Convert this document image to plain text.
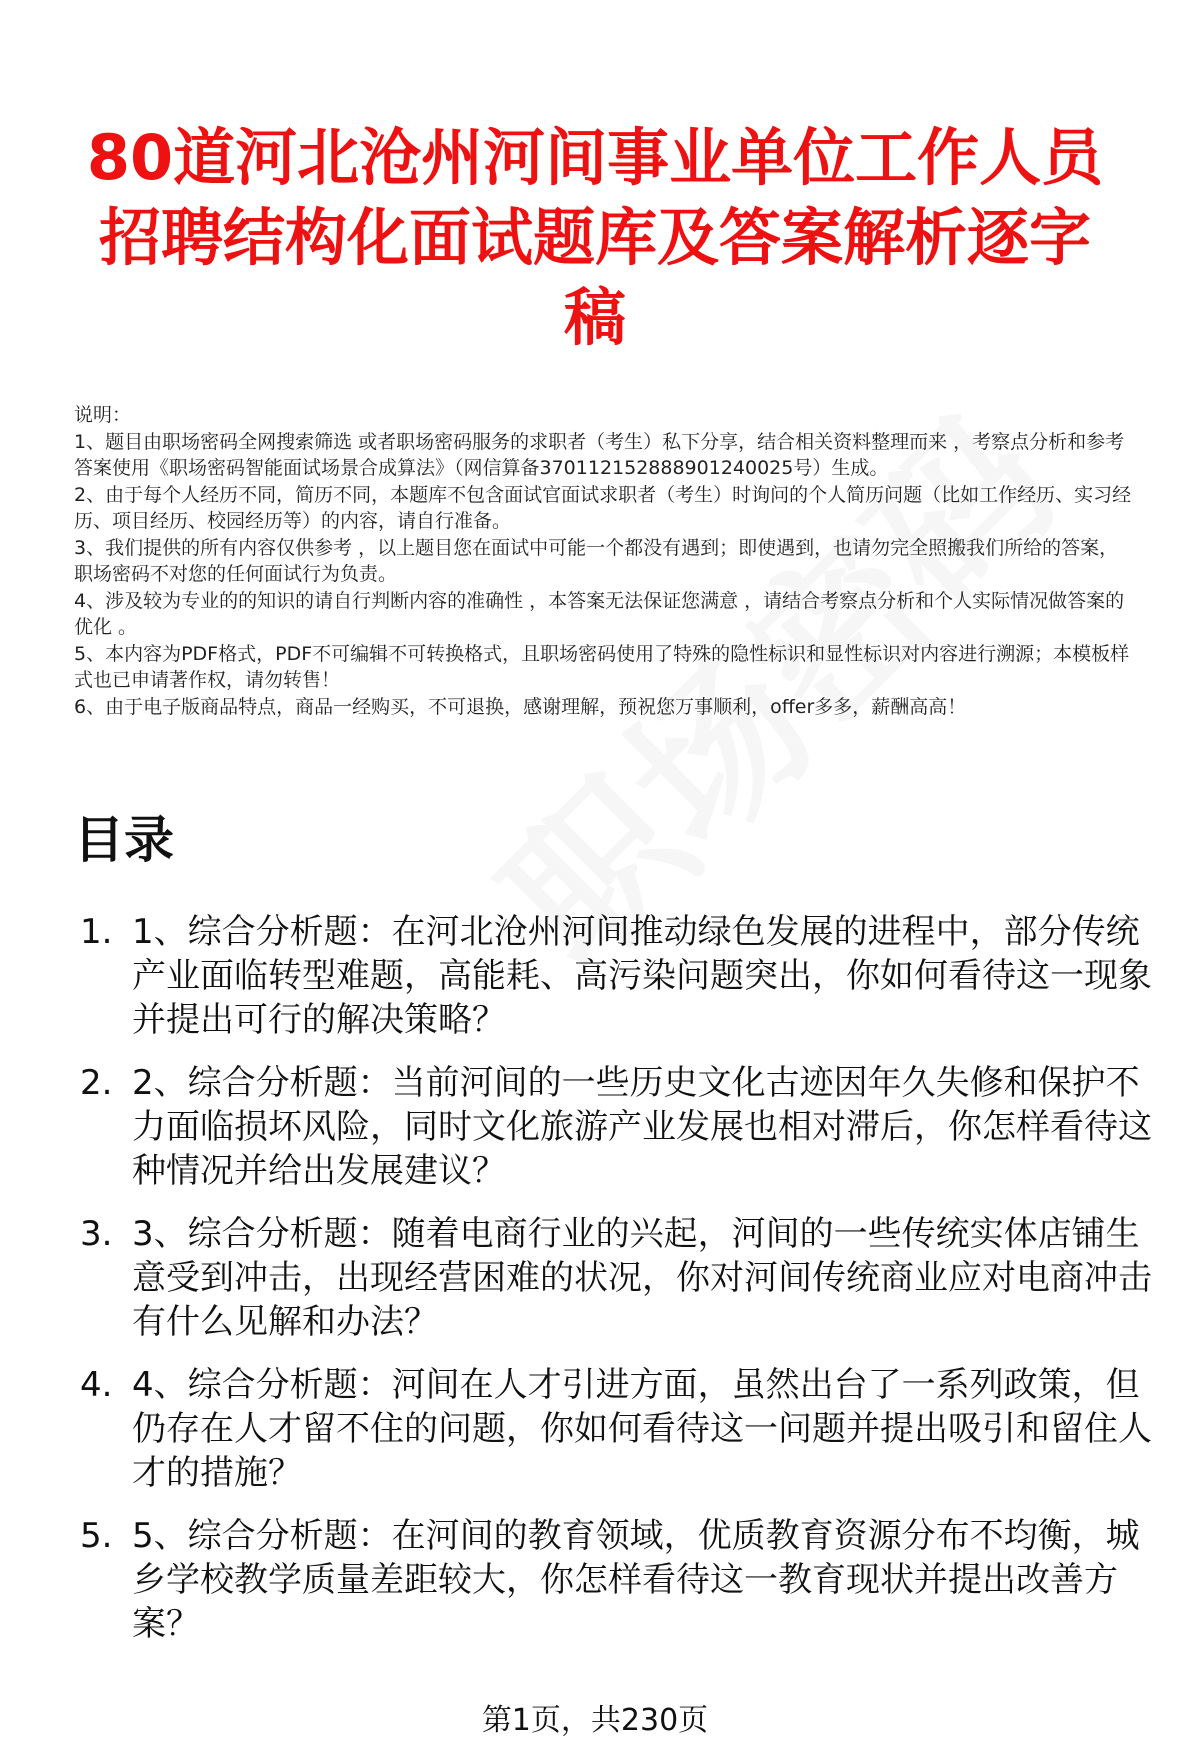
80道河北沧州河间事业单位工作人员招聘结构化面试题库及答案解析逐字稿

说明：

1、题目由职场密码全网搜索筛选 或者职场密码服务的求职者（考生）私下分享，结合相关资料整理而来 ，考察点分析和参考答案使用《职场密码智能面试场景合成算法》（网信算备370112152888901240025号）生成。

2、由于每个人经历不同，简历不同，本题库不包含面试官面试求职者（考生）时询问的个人简历问题（比如工作经历、实习经历、项目经历、校园经历等）的内容，请自行准备。

3、我们提供的所有内容仅供参考 ，以上题目您在面试中可能一个都没有遇到；即使遇到，也请勿完全照搬我们所给的答案，职场密码不对您的任何面试行为负责。

4、涉及较为专业的的知识的请自行判断内容的准确性 ，本答案无法保证您满意 ，请结合考察点分析和个人实际情况做答案的优化 。

5、本内容为PDF格式，PDF不可编辑不可转换格式，且职场密码使用了特殊的隐性标识和显性标识对内容进行溯源；本模板样式也已申请著作权，请勿转售！

6、由于电子版商品特点，商品一经购买，不可退换，感谢理解，预祝您万事顺利，offer多多，薪酬高高！

目录
1. 1、综合分析题：在河北沧州河间推动绿色发展的进程中，部分传统产业面临转型难题，高能耗、高污染问题突出，你如何看待这一现象并提出可行的解决策略？
2. 2、综合分析题：当前河间的一些历史文化古迹因年久失修和保护不力面临损坏风险，同时文化旅游产业发展也相对滞后，你怎样看待这种情况并给出发展建议？
3. 3、综合分析题：随着电商行业的兴起，河间的一些传统实体店铺生意受到冲击，出现经营困难的状况，你对河间传统商业应对电商冲击有什么见解和办法？
4. 4、综合分析题：河间在人才引进方面，虽然出台了一系列政策，但仍存在人才留不住的问题，你如何看待这一问题并提出吸引和留住人才的措施？
5. 5、综合分析题：在河间的教育领域，优质教育资源分布不均衡，城乡学校教学质量差距较大，你怎样看待这一教育现状并提出改善方案？
第1页，共230页
